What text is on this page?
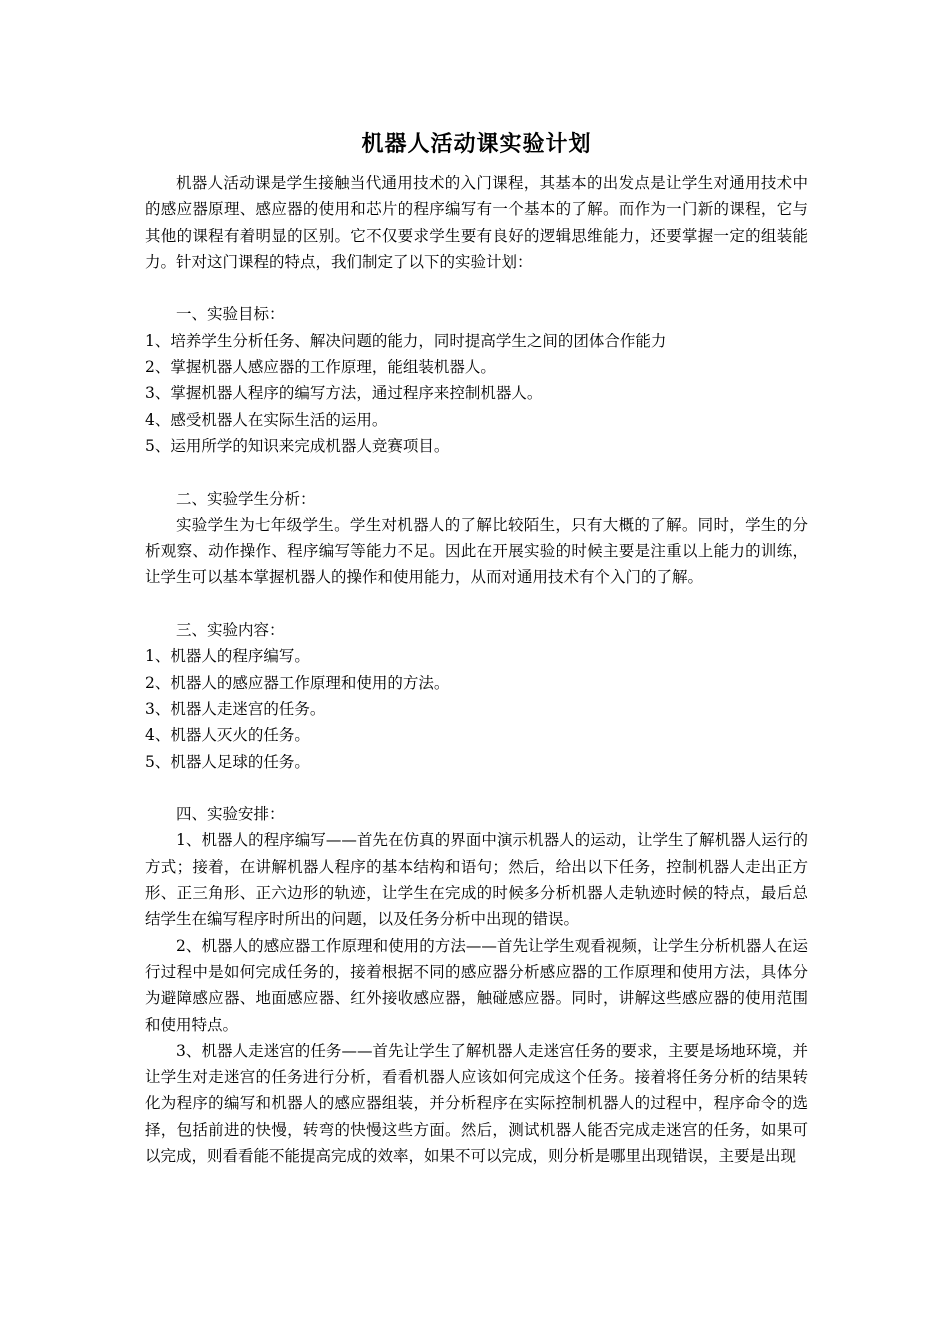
机器人活动课实验计划

机器人活动课是学生接触当代通用技术的入门课程，其基本的出发点是让学生对通用技术中的感应器原理、感应器的使用和芯片的程序编写有一个基本的了解。而作为一门新的课程，它与其他的课程有着明显的区别。它不仅要求学生要有良好的逻辑思维能力，还要掌握一定的组装能力。针对这门课程的特点，我们制定了以下的实验计划：

一、实验目标：

1、培养学生分析任务、解决问题的能力，同时提高学生之间的团体合作能力

2、掌握机器人感应器的工作原理，能组装机器人。

3、掌握机器人程序的编写方法，通过程序来控制机器人。

4、感受机器人在实际生活的运用。

5、运用所学的知识来完成机器人竞赛项目。

二、实验学生分析：

实验学生为七年级学生。学生对机器人的了解比较陌生，只有大概的了解。同时，学生的分析观察、动作操作、程序编写等能力不足。因此在开展实验的时候主要是注重以上能力的训练，让学生可以基本掌握机器人的操作和使用能力，从而对通用技术有个入门的了解。

三、实验内容：

1、机器人的程序编写。

2、机器人的感应器工作原理和使用的方法。

3、机器人走迷宫的任务。

4、机器人灭火的任务。

5、机器人足球的任务。

四、实验安排：

1、机器人的程序编写——首先在仿真的界面中演示机器人的运动，让学生了解机器人运行的方式；接着，在讲解机器人程序的基本结构和语句；然后，给出以下任务，控制机器人走出正方形、正三角形、正六边形的轨迹，让学生在完成的时候多分析机器人走轨迹时候的特点，最后总结学生在编写程序时所出的问题，以及任务分析中出现的错误。

2、机器人的感应器工作原理和使用的方法——首先让学生观看视频，让学生分析机器人在运行过程中是如何完成任务的，接着根据不同的感应器分析感应器的工作原理和使用方法，具体分为避障感应器、地面感应器、红外接收感应器，触碰感应器。同时，讲解这些感应器的使用范围和使用特点。

3、机器人走迷宫的任务——首先让学生了解机器人走迷宫任务的要求，主要是场地环境，并让学生对走迷宫的任务进行分析，看看机器人应该如何完成这个任务。接着将任务分析的结果转化为程序的编写和机器人的感应器组装，并分析程序在实际控制机器人的过程中，程序命令的选择，包括前进的快慢，转弯的快慢这些方面。然后，测试机器人能否完成走迷宫的任务，如果可以完成，则看看能不能提高完成的效率，如果不可以完成，则分析是哪里出现错误，主要是出现
